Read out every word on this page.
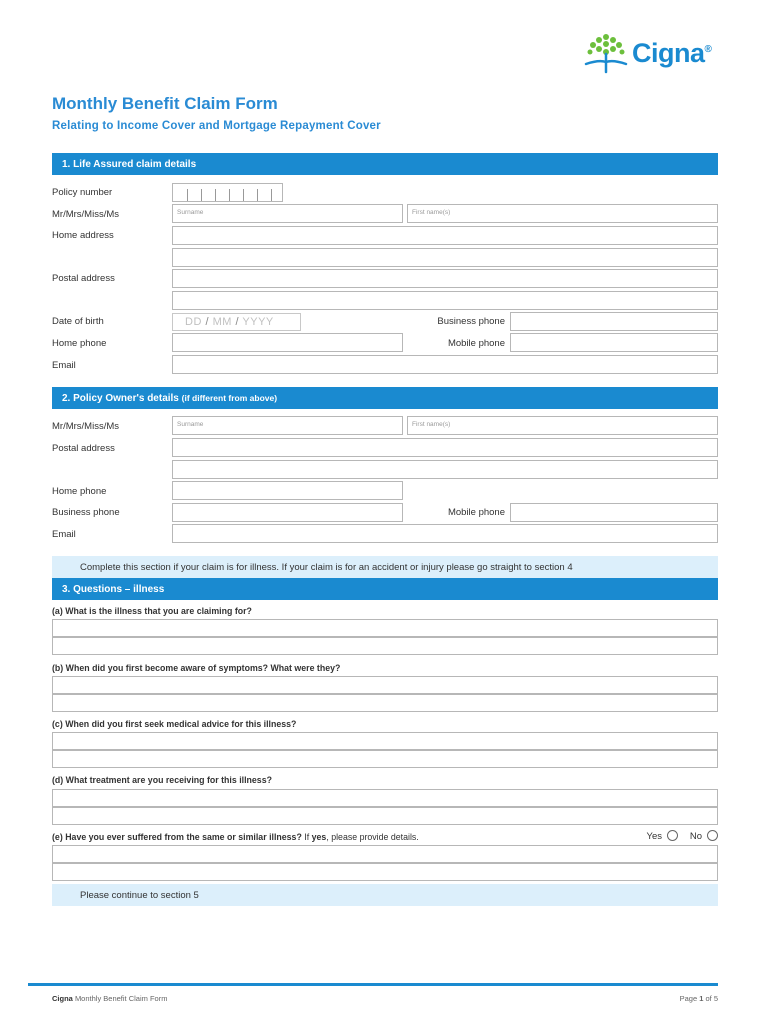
Cigna®
Monthly Benefit Claim Form
Relating to Income Cover and Mortgage Repayment Cover
1. Life Assured claim details
Policy number
Mr/Mrs/Miss/Ms	Surname	First name(s)
Home address
Postal address
Date of birth	DD / MM / YYYY	Business phone
Home phone	Mobile phone
Email
2. Policy Owner's details (if different from above)
Mr/Mrs/Miss/Ms	Surname	First name(s)
Postal address
Home phone
Business phone	Mobile phone
Email
Complete this section if your claim is for illness. If your claim is for an accident or injury please go straight to section 4
3. Questions – illness
(a) What is the illness that you are claiming for?
(b) When did you first become aware of symptoms? What were they?
(c) When did you first seek medical advice for this illness?
(d) What treatment are you receiving for this illness?
(e) Have you ever suffered from the same or similar illness? If yes, please provide details.	Yes	No
Please continue to section 5
Cigna Monthly Benefit Claim Form	Page 1 of 5
